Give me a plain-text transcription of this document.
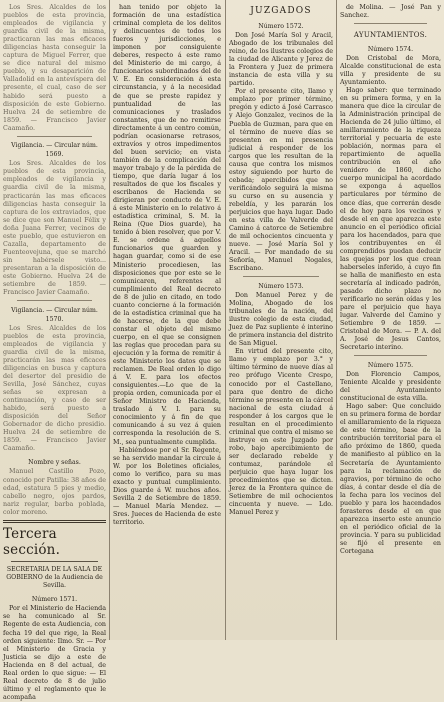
Los Sres. Alcaldes de los pueblos de esta provincia, empleados de vigilancia y guardia civil de la misma, practicaran las mas eficaces diligencias hasta conseguir la captura de Miguel Ferrer, que se dice natural del mismo pueblo, y su desaparición de Valladolid en la antevíspera del presente, el cual, caso de ser habido será puesto a disposición de este Gobierno. Huelva 24 de setiembre de 1859. — Francisco Javier Caamaño.

Vigilancia. — Circular núm. 1569.

Los Sres. Alcaldes de los pueblos de esta provincia, empleados de vigilancia y guardia civil de la misma, practicarán las mas eficaces diligencias hasta conseguir la captura de los extraviados, que se dice que son Manuel Félix y doña Juana Ferrer, vecinos de este pueblo, que estuvieron en Cazalla, departamento de Fuenteovejuna, que se marchó sin habérsele visto... presentaran a la disposición de este Gobierno. Huelva 24 de setiembre de 1859. — Francisco Javier Caamaño.

Vigilancia. — Circular núm. 1570.

Los Sres. Alcaldes de los pueblos de esta provincia, empleados de vigilancia y guardia civil de la misma, practicarán las mas eficaces diligencias en busca y captura del desertor del presidio de Sevilla, José Sánchez, cuyas señas se expresan a continuación, y caso de ser habido, será puesto a disposición del Señor Gobernador de dicho presidio. Huelva 24 de setiembre de 1859. — Francisco Javier Caamaño.

Nombre y señas.

Manuel Castillo Pozo, conocido por Patilla: 38 años de edad, estatura 5 pies y medio, cabello negro, ojos pardos, nariz regular, barba poblada, color moreno.

Tercera sección.
SECRETARIA DE LA SALA DE GOBIERNO de la Audiencia de Sevilla.
Número 1571.

Por el Ministerio de Hacienda se ha comunicado al Sr. Regente de esta Audiencia, con fecha 19 del que rige, la Real orden siguiente: Ilmo. Sr. — Por el Ministerio de Gracia y Justicia se dijo a este de Hacienda en 8 del actual, de Real orden lo que sigue: — El Real decreto de 8 de julio último y el reglamento que le acompaña

han tenido por objeto la formación de una estadística criminal completa de los delitos y delincuentes de todos los fueros y jurisdicciones, e imponen por consiguiente deberes, respecto á este ramo del Ministerio de mi cargo, á funcionarios subordinados del de V. E. En consideración á esta circunstancia, y á la necesidad de que se preste rapidez y puntualidad de las comunicaciones y traslados constantes, que de no remitirse directamente á un centro común, podrían ocasionarse retrasos, extravíos y otros impedimentos del buen servicio; en vista también de la complicación del mayor trabajo y de la pérdida de tiempo, que daría lugar á los resultados de que los fiscales y escribanos de Hacienda se dirigieran por conducto de V. E. á este Ministerio en lo relativo á estadística criminal, S. M. la Reina (Que Dios guarde), ha tenido á bien resolver, que por V. E. se ordene á aquellos funcionarios que guarden y hagan guardar, como si de ese Ministerio procediesen, las disposiciones que por este se le comunicaren, referentes al cumplimiento del Real decreto de 8 de julio en citado, en todo cuanto concierne á la formación de la estadística criminal que ha de hacerse, de la que debe constar el objeto del mismo cuerpo, en el que se consignen las reglas que procedan para su ejecución y la forma de remitir á este Ministerio los datos que se reclamen. De Real orden lo digo á V. E. para los efectos consiguientes.—Lo que de la propia orden, comunicada por el Señor Ministro de Hacienda, traslado á V. I. para su conocimiento y á fin de que comunicando á su vez á quien corresponda la resolución de S. M., sea puntualmente cumplida.

Habiéndose por el Sr. Regente, se ha servido mandar la circule á W. por los Boletines oficiales, como lo verifico, para su mas exacto y puntual cumplimiento. Dios guarde á W. muchos años. Sevilla 2 de Setiembre de 1859. — Manuel María Mendez. — Sres. Jueces de Hacienda de este territorio.

JUZGADOS
Número 1572.

Don José María Sol y Aracil, Abogado de los tribunales del reino, de los ilustres colegios de la ciudad de Alicante y Jerez de la Frontera y Juez de primera instancia de esta villa y su partido.

Por el presente cito, llamo y emplazo por primer término, pregón y edicto á José Carrasco y Alejo Gonzalez, vecinos de la Puebla de Guzman, para que en el término de nueve días se presenten en mi presencia judicial á responder de los cargos que les resultan de la causa que contra los mismos estoy siguiendo por hurto de cebada; apercibidos que no verificándolo seguirá la misma su curso en su ausencia y rebeldía, y les pararán los perjuicios que haya lugar. Dado en esta villa de Valverde del Camino á catorce de Setiembre de mil ochocientos cincuenta y nueve. — José María Sol y Aracil. — Por mandado de su Señoría, Manuel Nogales, Escribano.

Número 1573.

Don Manuel Perez y de Molina, Abogado de los tribunales de la nación, del ilustre colegio de esta ciudad, Juez de Paz supliente é interino de primera instancia del distrito de San Miguel.

En virtud del presente cito, llamo y emplazo por 3.° y último término de nueve días al reo prófugo Vicente Crespo, conocido por el Castellano, para que dentro de dicho término se presente en la cárcel nacional de esta ciudad á responder á los cargos que le resultan en el procedimiento criminal que contra el mismo se instruye en este Juzgado por robo, bajo apercibimiento de ser declarado rebelde y contumaz, parándole el perjuicio que haya lugar los procedimientos que se dicten. Jerez de la Frontera quince de Setiembre de mil ochocientos cincuenta y nueve. — Ldo. Manuel Perez y

de Molina. — José Pan y Sanchez.

AYUNTAMIENTOS.
Número 1574.

Don Cristobal de Mora, Alcalde constitucional de esta villa y presidente de su Ayuntamiento.

Hago saber: que terminado en su primera forma, y en la manera que dice la circular de la Administración principal de Hacienda de 24 julio último, el amillaramiento de la riqueza territorial y pecuaria de este población, normas para el repartimiento de aquella contribución en el año venidero de 1860, dicho cuerpo municipal ha acordado se exponga á aquellos particulares por término de once días, que correrán desde el de hoy para los vecinos y desde el en que aparezca este anuncio en el periódico oficial para los hacendados, para que los contribuyentes en él comprendidos puedan deducir las quejas por los que crean haberseles inferido, á cuyo fin se halla de manifiesto en esta secretaría al indicado padrón, pasado dicho plazo no verificarlo no serán oídas y les pare el perjuicio que haya lugar. Valverde del Camino y Setiembre 9 de 1859. — Cristobal de Mora. — P. A. del A. José de Jesus Cantos, Secretario interino.

Número 1575.

Don Florencio Campos, Teniente Alcalde y presidente del Ayuntamiento constitucional de esta villa.

Hago saber: Que concluido en su primera forma de bordar el amillaramiento de la riqueza de este término, base de la contribución territorial para el año próximo de 1860, queda de manifiesto al público en la Secretaría de Ayuntamiento para la reclamación de agravios, por término de ocho días, á contar desde el día de la fecha para los vecinos del pueblo y para los hacendados forasteros desde el en que aparezca inserto este anuncio en el periódico oficial de la provincia. Y para su publicidad se fijó el presente en Cortegana
